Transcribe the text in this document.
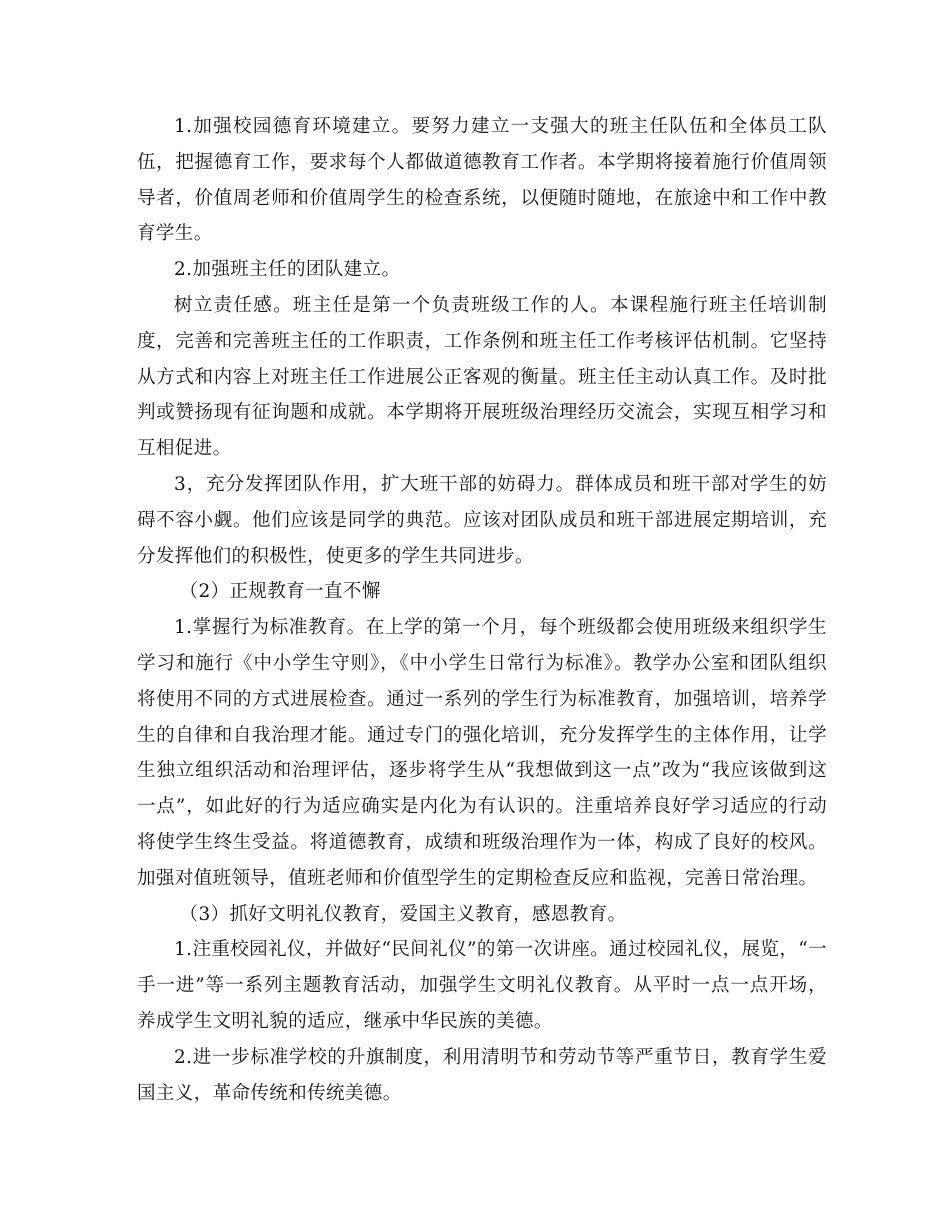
1.加强校园德育环境建立。要努力建立一支强大的班主任队伍和全体员工队伍，把握德育工作，要求每个人都做道德教育工作者。本学期将接着施行价值周领导者，价值周老师和价值周学生的检查系统，以便随时随地，在旅途中和工作中教育学生。

2.加强班主任的团队建立。

树立责任感。班主任是第一个负责班级工作的人。本课程施行班主任培训制度，完善和完善班主任的工作职责，工作条例和班主任工作考核评估机制。它坚持从方式和内容上对班主任工作进展公正客观的衡量。班主任主动认真工作。及时批判或赞扬现有征询题和成就。本学期将开展班级治理经历交流会，实现互相学习和互相促进。

3，充分发挥团队作用，扩大班干部的妨碍力。群体成员和班干部对学生的妨碍不容小觑。他们应该是同学的典范。应该对团队成员和班干部进展定期培训，充分发挥他们的积极性，使更多的学生共同进步。

（2）正规教育一直不懈

1.掌握行为标准教育。在上学的第一个月，每个班级都会使用班级来组织学生学习和施行《中小学生守则》，《中小学生日常行为标准》。教学办公室和团队组织将使用不同的方式进展检查。通过一系列的学生行为标准教育，加强培训，培养学生的自律和自我治理才能。通过专门的强化培训，充分发挥学生的主体作用，让学生独立组织活动和治理评估，逐步将学生从“我想做到这一点”改为“我应该做到这一点”，如此好的行为适应确实是内化为有认识的。注重培养良好学习适应的行动将使学生终生受益。将道德教育，成绩和班级治理作为一体，构成了良好的校风。加强对值班领导，值班老师和价值型学生的定期检查反应和监视，完善日常治理。

（3）抓好文明礼仪教育，爱国主义教育，感恩教育。

1.注重校园礼仪，并做好“民间礼仪”的第一次讲座。通过校园礼仪，展览，“一手一进”等一系列主题教育活动，加强学生文明礼仪教育。从平时一点一点开场，养成学生文明礼貌的适应，继承中华民族的美德。

2.进一步标准学校的升旗制度，利用清明节和劳动节等严重节日，教育学生爱国主义，革命传统和传统美德。
